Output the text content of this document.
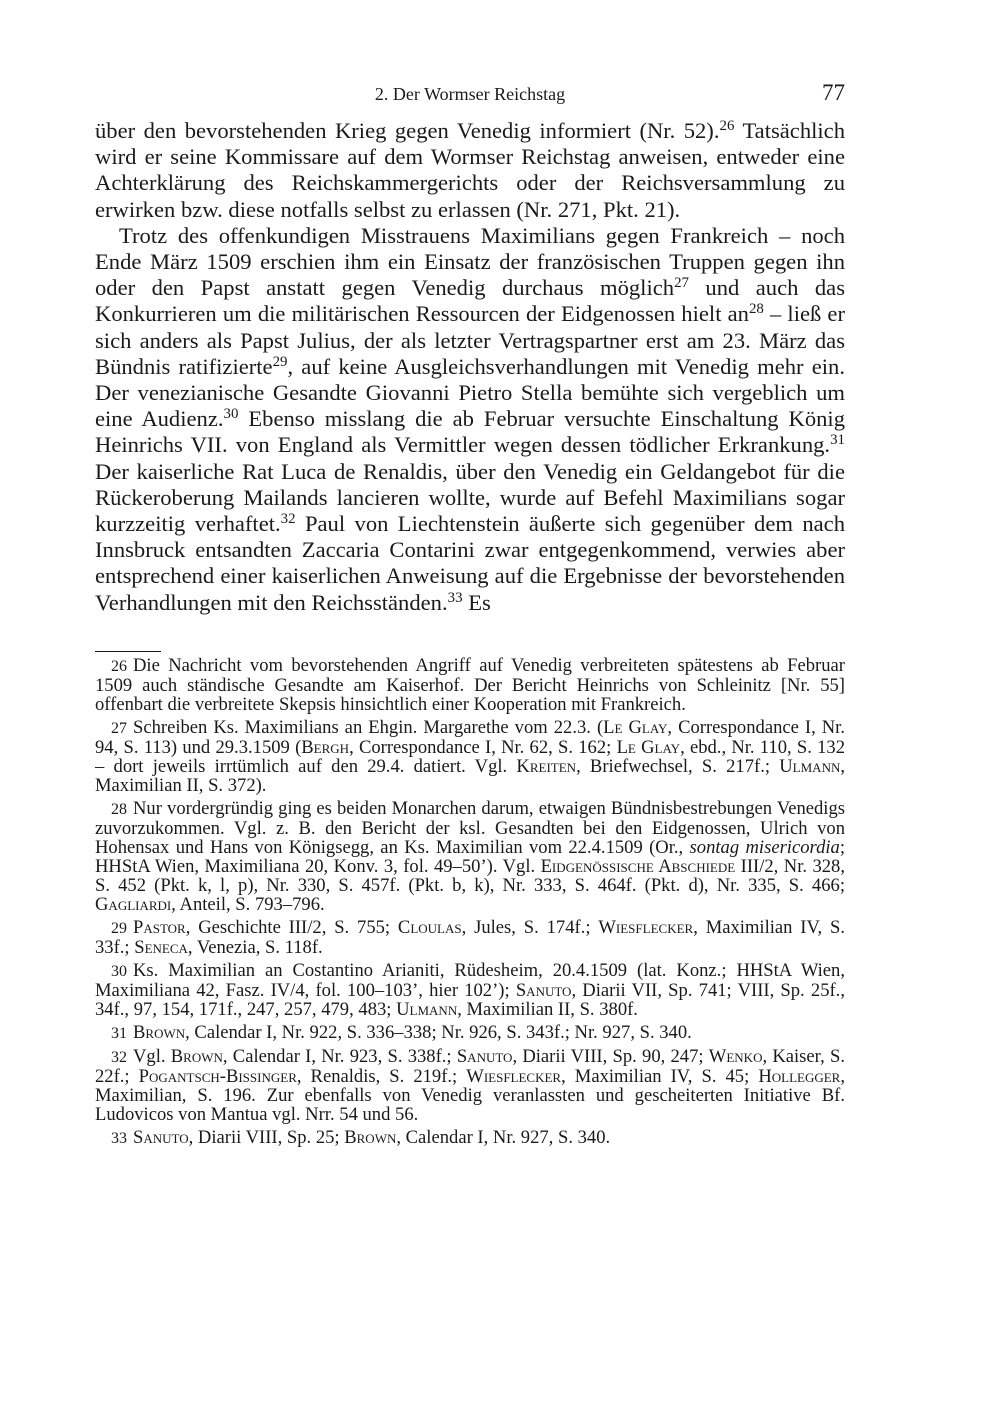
2. Der Wormser Reichstag	77

über den bevorstehenden Krieg gegen Venedig informiert (Nr. 52).$^{26}$ Tatsächlich wird er seine Kommissare auf dem Wormser Reichstag anweisen, entweder eine Achterklärung des Reichskammergerichts oder der Reichsversammlung zu erwirken bzw. diese notfalls selbst zu erlassen (Nr. 271, Pkt. 21).

Trotz des offenkundigen Misstrauens Maximilians gegen Frankreich – noch Ende März 1509 erschien ihm ein Einsatz der französischen Truppen gegen ihn oder den Papst anstatt gegen Venedig durchaus möglich$^{27}$ und auch das Konkurrieren um die militärischen Ressourcen der Eidgenossen hielt $an^{28}$ – ließ er sich anders als Papst Julius, der als letzter Vertragspartner erst am 23. März das Bündnis ratifizierte$^{29}$, auf keine Ausgleichsverhandlungen mit Venedig mehr ein. Der venezianische Gesandte Giovanni Pietro Stella bemühte sich vergeblich um eine Audienz.$^{30}$ Ebenso misslang die ab Februar versuchte Einschaltung König Heinrichs VII. von England als Vermittler wegen dessen tödlicher Erkrankung.$^{31}$ Der kaiserliche Rat Luca de Renaldis, über den Venedig ein Geldangebot für die Rückeroberung Mailands lancieren wollte, wurde auf Befehl Maximilians sogar kurzzeitig verhaftet.$^{32}$ Paul von Liechtenstein äußerte sich gegenüber dem nach Innsbruck entsandten Zaccaria Contarini zwar entgegenkommend, verwies aber entsprechend einer kaiserlichen Anweisung auf die Ergebnisse der bevorstehenden Verhandlungen mit den Reichsständen.$^{33}$ Es

26 Die Nachricht vom bevorstehenden Angriff auf Venedig verbreiteten spätestens ab Februar 1509 auch ständische Gesandte am Kaiserhof. Der Bericht Heinrichs von Schleinitz [Nr. 55] offenbart die verbreitete Skepsis hinsichtlich einer Kooperation mit Frankreich.

27 Schreiben Ks. Maximilians an Ehgin. Margarethe vom 22.3. (Le Glay, Correspondance I, Nr. 94, S. 113) und 29.3.1509 (Bergh, Correspondance I, Nr. 62, S. 162; Le Glay, ebd., Nr. 110, S. 132 – dort jeweils irrtümlich auf den 29.4. datiert. Vgl. Kreiten, Briefwechsel, S. 217f.; Ulmann, Maximilian II, S. 372).

28 Nur vordergründig ging es beiden Monarchen darum, etwaigen Bündnisbestrebungen Venedigs zuvorzukommen. Vgl. z. B. den Bericht der ksl. Gesandten bei den Eidgenossen, Ulrich von Hohensax und Hans von Königsegg, an Ks. Maximilian vom 22.4.1509 (Or., sontag misericordia; HHStA Wien, Maximiliana 20, Konv. 3, fol. 49–50’). Vgl. Eidgenössische Abschiede III/2, Nr. 328, S. 452 (Pkt. k, l, p), Nr. 330, S. 457f. (Pkt. b, k), Nr. 333, S. 464f. (Pkt. d), Nr. 335, S. 466; Gagliardi, Anteil, S. 793–796.

29 Pastor, Geschichte III/2, S. 755; Cloulas, Jules, S. 174f.; Wiesflecker, Maximilian IV, S. 33f.; Seneca, Venezia, S. 118f.

30 Ks. Maximilian an Costantino Arianiti, Rüdesheim, 20.4.1509 (lat. Konz.; HHStA Wien, Maximiliana 42, Fasz. IV/4, fol. 100–103’, hier 102’); Sanuto, Diarii VII, Sp. 741; VIII, Sp. 25f., 34f., 97, 154, 171f., 247, 257, 479, 483; Ulmann, Maximilian II, S. 380f.

31 Brown, Calendar I, Nr. 922, S. 336–338; Nr. 926, S. 343f.; Nr. 927, S. 340.

32 Vgl. Brown, Calendar I, Nr. 923, S. 338f.; Sanuto, Diarii VIII, Sp. 90, 247; Wenko, Kaiser, S. 22f.; Pogantsch-Bissinger, Renaldis, S. 219f.; Wiesflecker, Maximilian IV, S. 45; Hollegger, Maximilian, S. 196. Zur ebenfalls von Venedig veranlassten und gescheiterten Initiative Bf. Ludovicos von Mantua vgl. Nrr. 54 und 56.

33 Sanuto, Diarii VIII, Sp. 25; Brown, Calendar I, Nr. 927, S. 340.
